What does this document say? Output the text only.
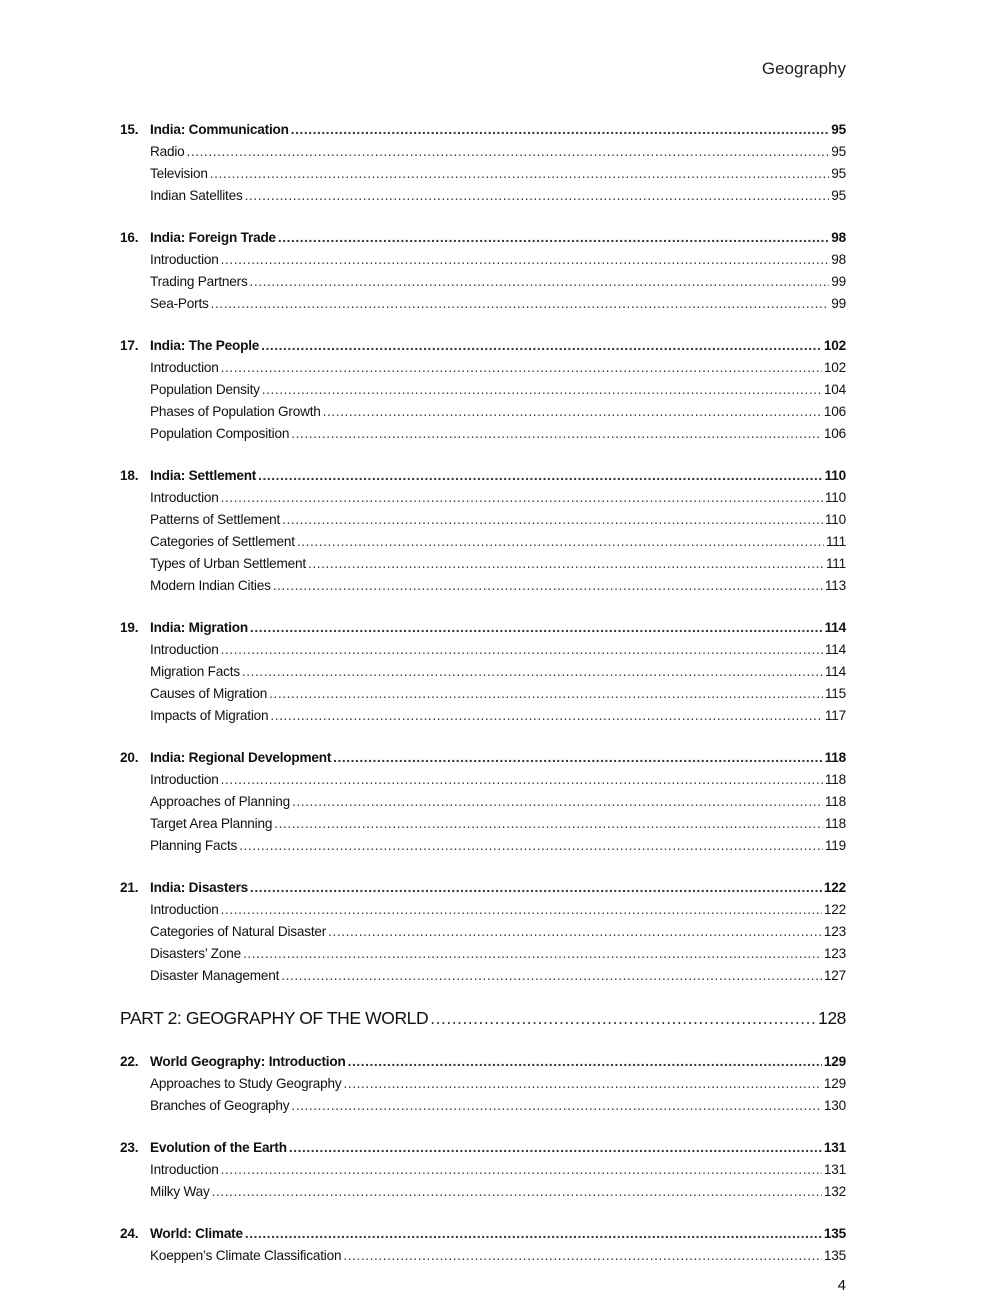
Geography
15. India: Communication .....	95
Radio .....	95
Television .....	95
Indian Satellites .....	95
16. India: Foreign Trade .....	98
Introduction .....	98
Trading Partners .....	99
Sea-Ports .....	99
17. India: The People .....	102
Introduction .....	102
Population Density .....	104
Phases of Population Growth .....	106
Population Composition .....	106
18. India: Settlement .....	110
Introduction .....	110
Patterns of Settlement .....	110
Categories of Settlement .....	111
Types of Urban Settlement .....	111
Modern Indian Cities .....	113
19. India: Migration .....	114
Introduction .....	114
Migration Facts .....	114
Causes of Migration .....	115
Impacts of Migration .....	117
20. India: Regional Development .....	118
Introduction .....	118
Approaches of Planning .....	118
Target Area Planning .....	118
Planning Facts .....	119
21. India: Disasters .....	122
Introduction .....	122
Categories of Natural Disaster .....	123
Disasters’ Zone .....	123
Disaster Management .....	127
PART 2: GEOGRAPHY OF THE WORLD .....	128
22. World Geography: Introduction .....	129
Approaches to Study Geography .....	129
Branches of Geography .....	130
23. Evolution of the Earth .....	131
Introduction .....	131
Milky Way .....	132
24. World: Climate .....	135
Koeppen’s Climate Classification .....	135
4
